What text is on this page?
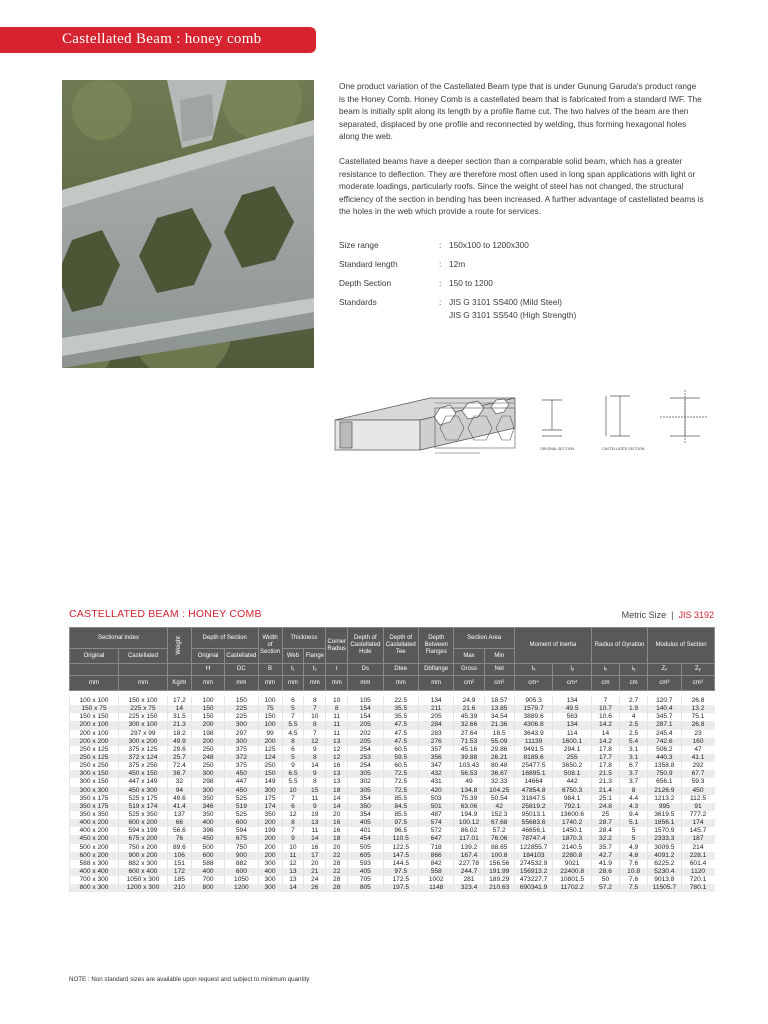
Castellated Beam : honey comb

One product variation of the Castellated Beam type that is under Gunung Garuda's product range is the Honey Comb. Honey Comb is a castellated beam that is fabricated from a standard IWF. The beam is initially split along its length by a profile flame cut. The two halves of the beam are then separated, displaced by one profile and reconnected by welding, thus forming hexagonal holes along the web.

Castellated beams have a deeper section than a comparable solid beam, which has a greater resistance to deflection. They are therefore most often used in long span applications with light or moderate loadings, particularly roofs. Since the weight of steel has not changed, the structural efficiency of the section in bending has been increased. A further advantage of castellated beams is the holes in the web which provide a route for services.

Size range	: 150x100 to 1200x300
Standard length	: 12m
Depth Section	: 150 to 1200
Standards	: JIS G 3101 SS400 (Mild Steel)
JIS G 3101 SS540 (High Strength)
ORIGINAL SECTION	CASTELLATED SECTION
CASTELLATED BEAM : HONEY COMB	Metric Size  |  JIS 3192
Sectional Index		Weight	Depth of Section		Width of Section	Thickness		Corner Radius	Depth of Castellated Hole	Depth of Castellated Tee	Depth Between Flanges	Section Area		Moment of Inertia		Radius of Gyration		Modulus of Section	
Original	Castellated		Original	Castellated		Web	Flange					Max	Min						
			H	DC	B	t₁	t₂	r	Ds	Dtee	Dbflange	Gross	Net	Iₓ	Iᵧ	iₓ	iᵧ	Zₓ	Zᵧ
mm	mm	Kg/m	mm	mm	mm	mm	mm	mm	mm	mm	mm	cm²	cm²	cm⁴	cm⁴	cm	cm	cm³	cm³

100 x 100	150 x 100	17.2	100	150	100	6	8	10	105	22.5	134	24.9	18.57	905.3	134	7	2.7	120.7	26.8
150 x 75	225 x 75	14	150	225	75	5	7	8	154	35.5	211	21.6	13.85	1579.7	49.5	10.7	1.9	140.4	13.2
150 x 150	225 x 150	31.5	150	225	150	7	10	11	154	35.5	205	45.39	34.54	3889.6	563	10.6	4	345.7	75.1
200 x 100	300 x 100	21.3	200	300	100	5.5	8	11	205	47.5	284	32.66	21.36	4306.8	134	14.2	2.5	287.1	26.8
200 x 100	297 x 99	18.2	198	297	99	4.5	7	11	202	47.5	283	27.64	18.5	3643.9	114	14	2.5	245.4	23
200 x 200	300 x 200	49.9	200	300	200	8	12	13	205	47.5	276	71.53	55.09	11139	1600.1	14.2	5.4	742.6	160
250 x 125	375 x 125	29.6	250	375	125	6	9	12	254	60.5	357	45.16	29.86	9491.5	294.1	17.8	3.1	506.2	47
250 x 125	372 x 124	25.7	248	372	124	5	8	12	253	59.5	356	39.88	26.21	8189.6	255	17.7	3.1	440.3	41.1
250 x 250	375 x 250	72.4	250	375	250	9	14	16	254	60.5	347	103.43	80.48	25477.5	3650.2	17.8	6.7	1358.8	292
300 x 150	450 x 150	36.7	300	450	150	6.5	9	13	305	72.5	432	56.53	36.67	16895.1	508.1	21.5	3.7	750.9	67.7
300 x 150	447 x 149	32	298	447	149	5.5	8	13	302	72.5	431	49	32.33	14664	442	21.3	3.7	656.1	59.3
300 x 300	450 x 300	94	300	450	300	10	15	18	305	72.5	420	134.8	104.25	47854.8	6750.3	21.4	8	2126.9	450
350 x 175	525 x 175	49.6	350	525	175	7	11	14	354	85.5	503	75.39	50.54	31847.5	984.1	25.1	4.4	1213.2	112.5
350 x 175	519 x 174	41.4	346	519	174	6	9	14	350	84.5	501	63.06	42	25819.2	792.1	24.8	4.3	995	91
350 x 350	525 x 350	137	350	525	350	12	19	20	354	85.5	487	194.9	152.3	95013.1	13600.6	25	9.4	3619.5	777.2
400 x 200	600 x 200	66	400	600	200	8	13	16	405	97.5	574	100.12	67.68	55683.6	1740.2	28.7	5.1	1856.1	174
400 x 200	594 x 199	56.6	396	594	199	7	11	16	401	96.5	572	86.02	57.2	46656.1	1450.1	28.4	5	1570.9	145.7
450 x 200	675 x 200	76	450	675	200	9	14	18	454	110.5	647	117.01	76.06	78747.4	1870.3	32.2	5	2333.3	187
500 x 200	750 x 200	89.6	500	750	200	10	16	20	505	122.5	718	139.2	88.65	122855.7	2140.5	35.7	4.9	3009.5	214
600 x 200	900 x 200	106	600	900	200	11	17	22	605	147.5	866	167.4	100.8	184103	2280.8	42.7	4.8	4091.2	228.1
588 x 300	882 x 300	151	588	882	300	12	20	28	593	144.5	842	227.78	156.56	274532.9	9021	41.9	7.6	6225.2	601.4
400 x 400	600 x 400	172	400	600	400	13	21	22	405	97.5	558	244.7	191.99	156913.2	22400.8	28.6	10.8	5230.4	1120
700 x 300	1050 x 300	185	700	1050	300	13	24	28	705	172.5	1002	281	189.29	473227.7	10801.5	50	7.6	9013.8	720.1
800 x 300	1200 x 300	210	800	1200	300	14	26	28	805	197.5	1148	323.4	210.63	690341.9	11702.2	57.2	7.5	11505.7	780.1
NOTE : Non standard sizes are available upon request and subject to minimum quantity
